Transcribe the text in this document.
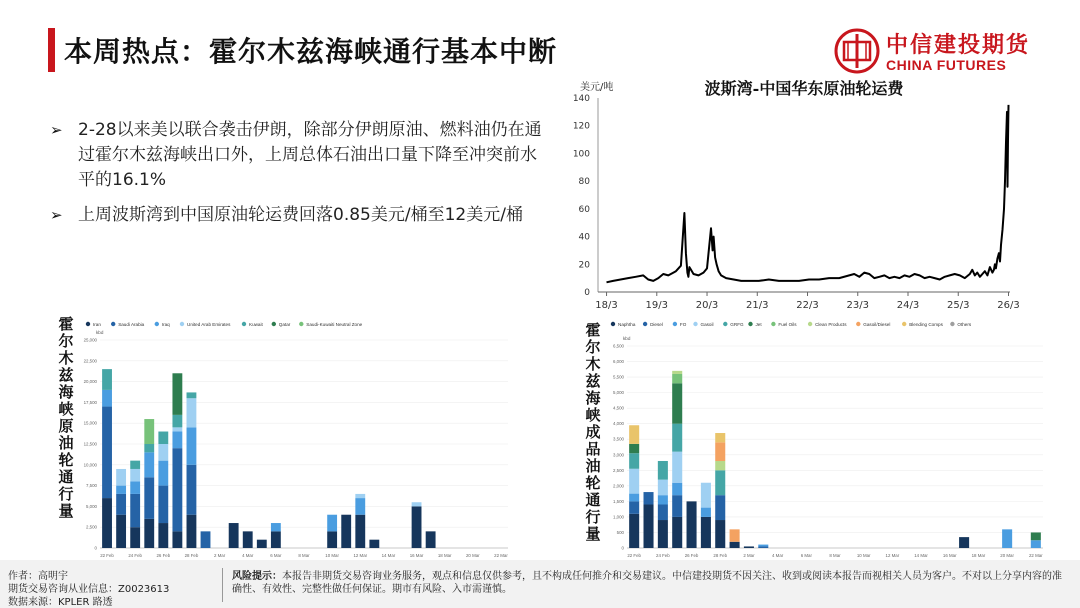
本周热点：霍尔木兹海峡通行基本中断	中信建投期货
CHINA FUTURES
➢ 2-28以来美以联合袭击伊朗，除部分伊朗原油、燃料油仍在通过霍尔木兹海峡出口外，上周总体石油出口量下降至冲突前水平的16.1%
➢ 上周波斯湾到中国原油轮运费回落0.85美元/桶至12美元/桶
美元/吨	波斯湾-中国华东原油轮运费
0
20
40
60
80
100
120
140
18/3	19/3	20/3	21/3	22/3	23/3	24/3	25/3	26/3
霍尔木兹海峡原油轮通行量
霍尔木兹海峡成品油轮通行量
Iran	Saudi Arabia	Iraq	United Arab Emirates	Kuwait	Qatar	Saudi-Kuwaiti Neutral Zone
kbd
0
2,500
5,000
7,500
10,000
12,500
15,000
17,500
20,000
22,500
25,000
22 Feb	24 Feb	26 Feb	28 Feb	2 Mar	4 Mar	6 Mar	8 Mar	10 Mar	12 Mar	14 Mar	16 Mar	18 Mar	20 Mar	22 Mar
Naphtha	Diesel	FO	Gasoil	GRFG	Jet	Fuel Oils	Clean Products	Gasoil/Diesel	Blending Comps	Others
kbd
0
500
1,000
1,500
2,000
2,500
3,000
3,500
4,000
4,500
5,000
5,500
6,000
6,500
22 Feb	24 Feb	26 Feb	28 Feb	2 Mar	4 Mar	6 Mar	8 Mar	10 Mar	12 Mar	14 Mar	16 Mar	18 Mar	20 Mar	22 Mar
作者：高明宇
期货交易咨询从业信息：Z0023613
数据来源：KPLER 路透
风险提示：本报告非期货交易咨询业务服务，观点和信息仅供参考，且不构成任何推介和交易建议。中信建投期货不因关注、收到或阅读本报告而视相关人员为客户。不对以上分享内容的准确性、有效性、完整性做任何保证。期市有风险、入市需谨慎。
